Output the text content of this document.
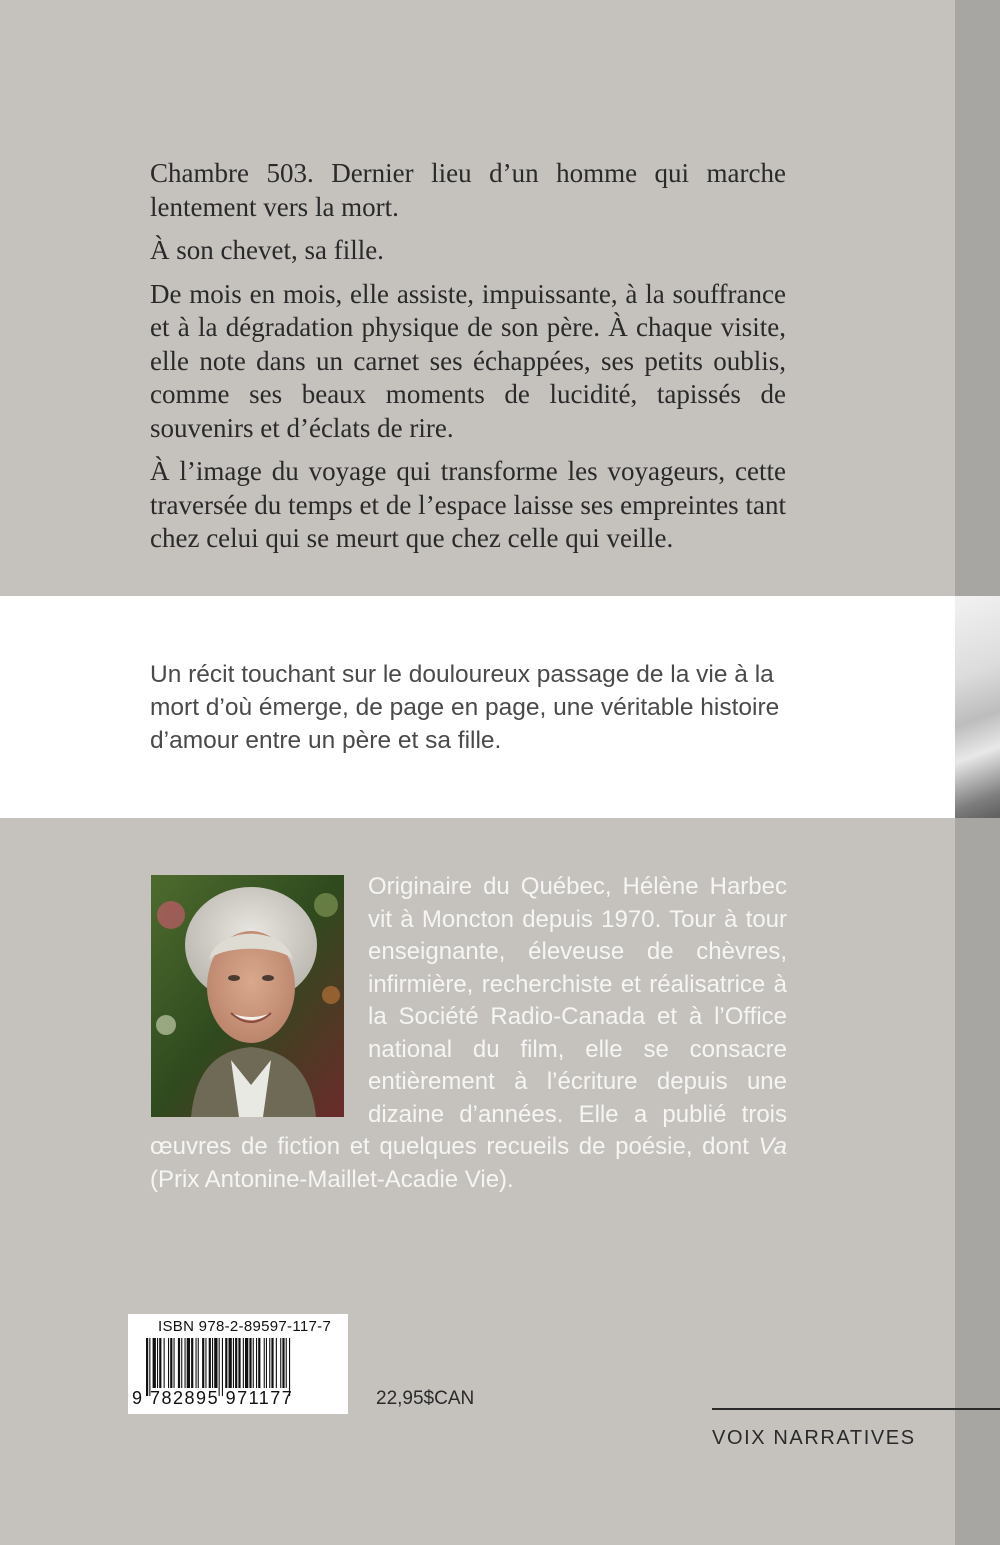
Chambre 503. Dernier lieu d’un homme qui marche lentement vers la mort.

À son chevet, sa fille.

De mois en mois, elle assiste, impuissante, à la souffrance et à la dégradation physique de son père. À chaque visite, elle note dans un carnet ses échappées, ses petits oublis, comme ses beaux moments de lucidité, tapissés de souvenirs et d’éclats de rire.

À l’image du voyage qui transforme les voyageurs, cette traversée du temps et de l’espace laisse ses empreintes tant chez celui qui se meurt que chez celle qui veille.

Un récit touchant sur le douloureux passage de la vie à la mort d’où émerge, de page en page, une véritable histoire d’amour entre un père et sa fille.
Originaire du Québec, Hélène Harbec vit à Moncton depuis 1970. Tour à tour enseignante, éleveuse de chèvres, infirmière, recherchiste et réalisatrice à la Société Radio-Canada et à l’Office national du film, elle se consacre entièrement à l’écriture depuis une dizaine d’années. Elle a publié trois œuvres de fiction et quelques recueils de poésie, dont Va (Prix Antonine-Maillet-Acadie Vie).
ISBN 978-2-89597-117-7
9 782895 971177	22,95$CAN
VOIX NARRATIVES
